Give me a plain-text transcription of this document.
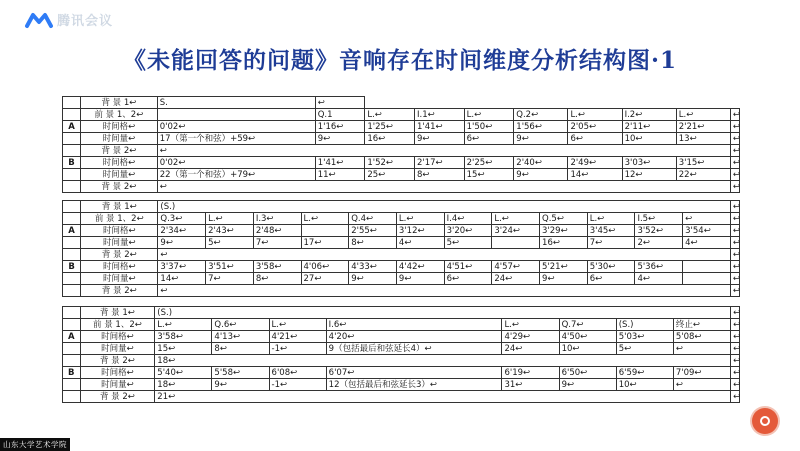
腾讯会议
《未能回答的问题》音响存在时间维度分析结构图·1
	背 景 1↩	S.	↩								
	前 景 1、2↩		Q.1	L.↩	I.1↩	L.↩	Q.2↩	L.↩	I.2↩	L.↩	↩
A	时间格↩	0'02↩	1'16↩	1'25↩	1'41↩	1'50↩	1'56↩	2'05↩	2'11↩	2'21↩	↩
	时间量↩	17（第一个和弦）+59↩	9↩	16↩	9↩	6↩	9↩	6↩	10↩	13↩	↩
	背 景 2↩	↩									↩
B	时间格↩	0'02↩	1'41↩	1'52↩	2'17↩	2'25↩	2'40↩	2'49↩	3'03↩	3'15↩	↩
	时间量↩	22（第一个和弦）+79↩	11↩	25↩	8↩	15↩	9↩	14↩	12↩	22↩	↩
	背 景 2↩	↩									↩
	背 景 1↩	(S.)												↩
	前 景 1、2↩	Q.3↩	L.↩	I.3↩	L.↩	Q.4↩	L.↩	I.4↩	L.↩	Q.5↩	L.↩	I.5↩	↩	↩
A	时间格↩	2'34↩	2'43↩	2'48↩		2'55↩	3'12↩	3'20↩	3'24↩	3'29↩	3'45↩	3'52↩	3'54↩	↩
	时间量↩	9↩	5↩	7↩	17↩	8↩	4↩	5↩		16↩	7↩	2↩	4↩	↩
	背 景 2↩	↩												↩
B	时间格↩	3'37↩	3'51↩	3'58↩	4'06↩	4'33↩	4'42↩	4'51↩	4'57↩	5'21↩	5'30↩	5'36↩		↩
	时间量↩	14↩	7↩	8↩	27↩	9↩	9↩	6↩	24↩	9↩	6↩	4↩		↩
	背 景 2↩	↩												↩
	背 景 1↩	(S.)								↩
	前 景 1、2↩	L.↩	Q.6↩	L.↩	I.6↩	L.↩	Q.7↩	(S.)	终止↩	↩
A	时间格↩	3'58↩	4'13↩	4'21↩	4'20↩	4'29↩	4'50↩	5'03↩	5'08↩	↩
	时间量↩	15↩	8↩	-1↩	9（包括最后和弦延长4）↩	24↩	10↩	5↩	↩	↩
	背 景 2↩	18↩								↩
B	时间格↩	5'40↩	5'58↩	6'08↩	6'07↩	6'19↩	6'50↩	6'59↩	7'09↩	↩
	时间量↩	18↩	9↩	-1↩	12（包括最后和弦延长3）↩	31↩	9↩	10↩	↩	↩
	背 景 2↩	21↩								↩
山东大学艺术学院
